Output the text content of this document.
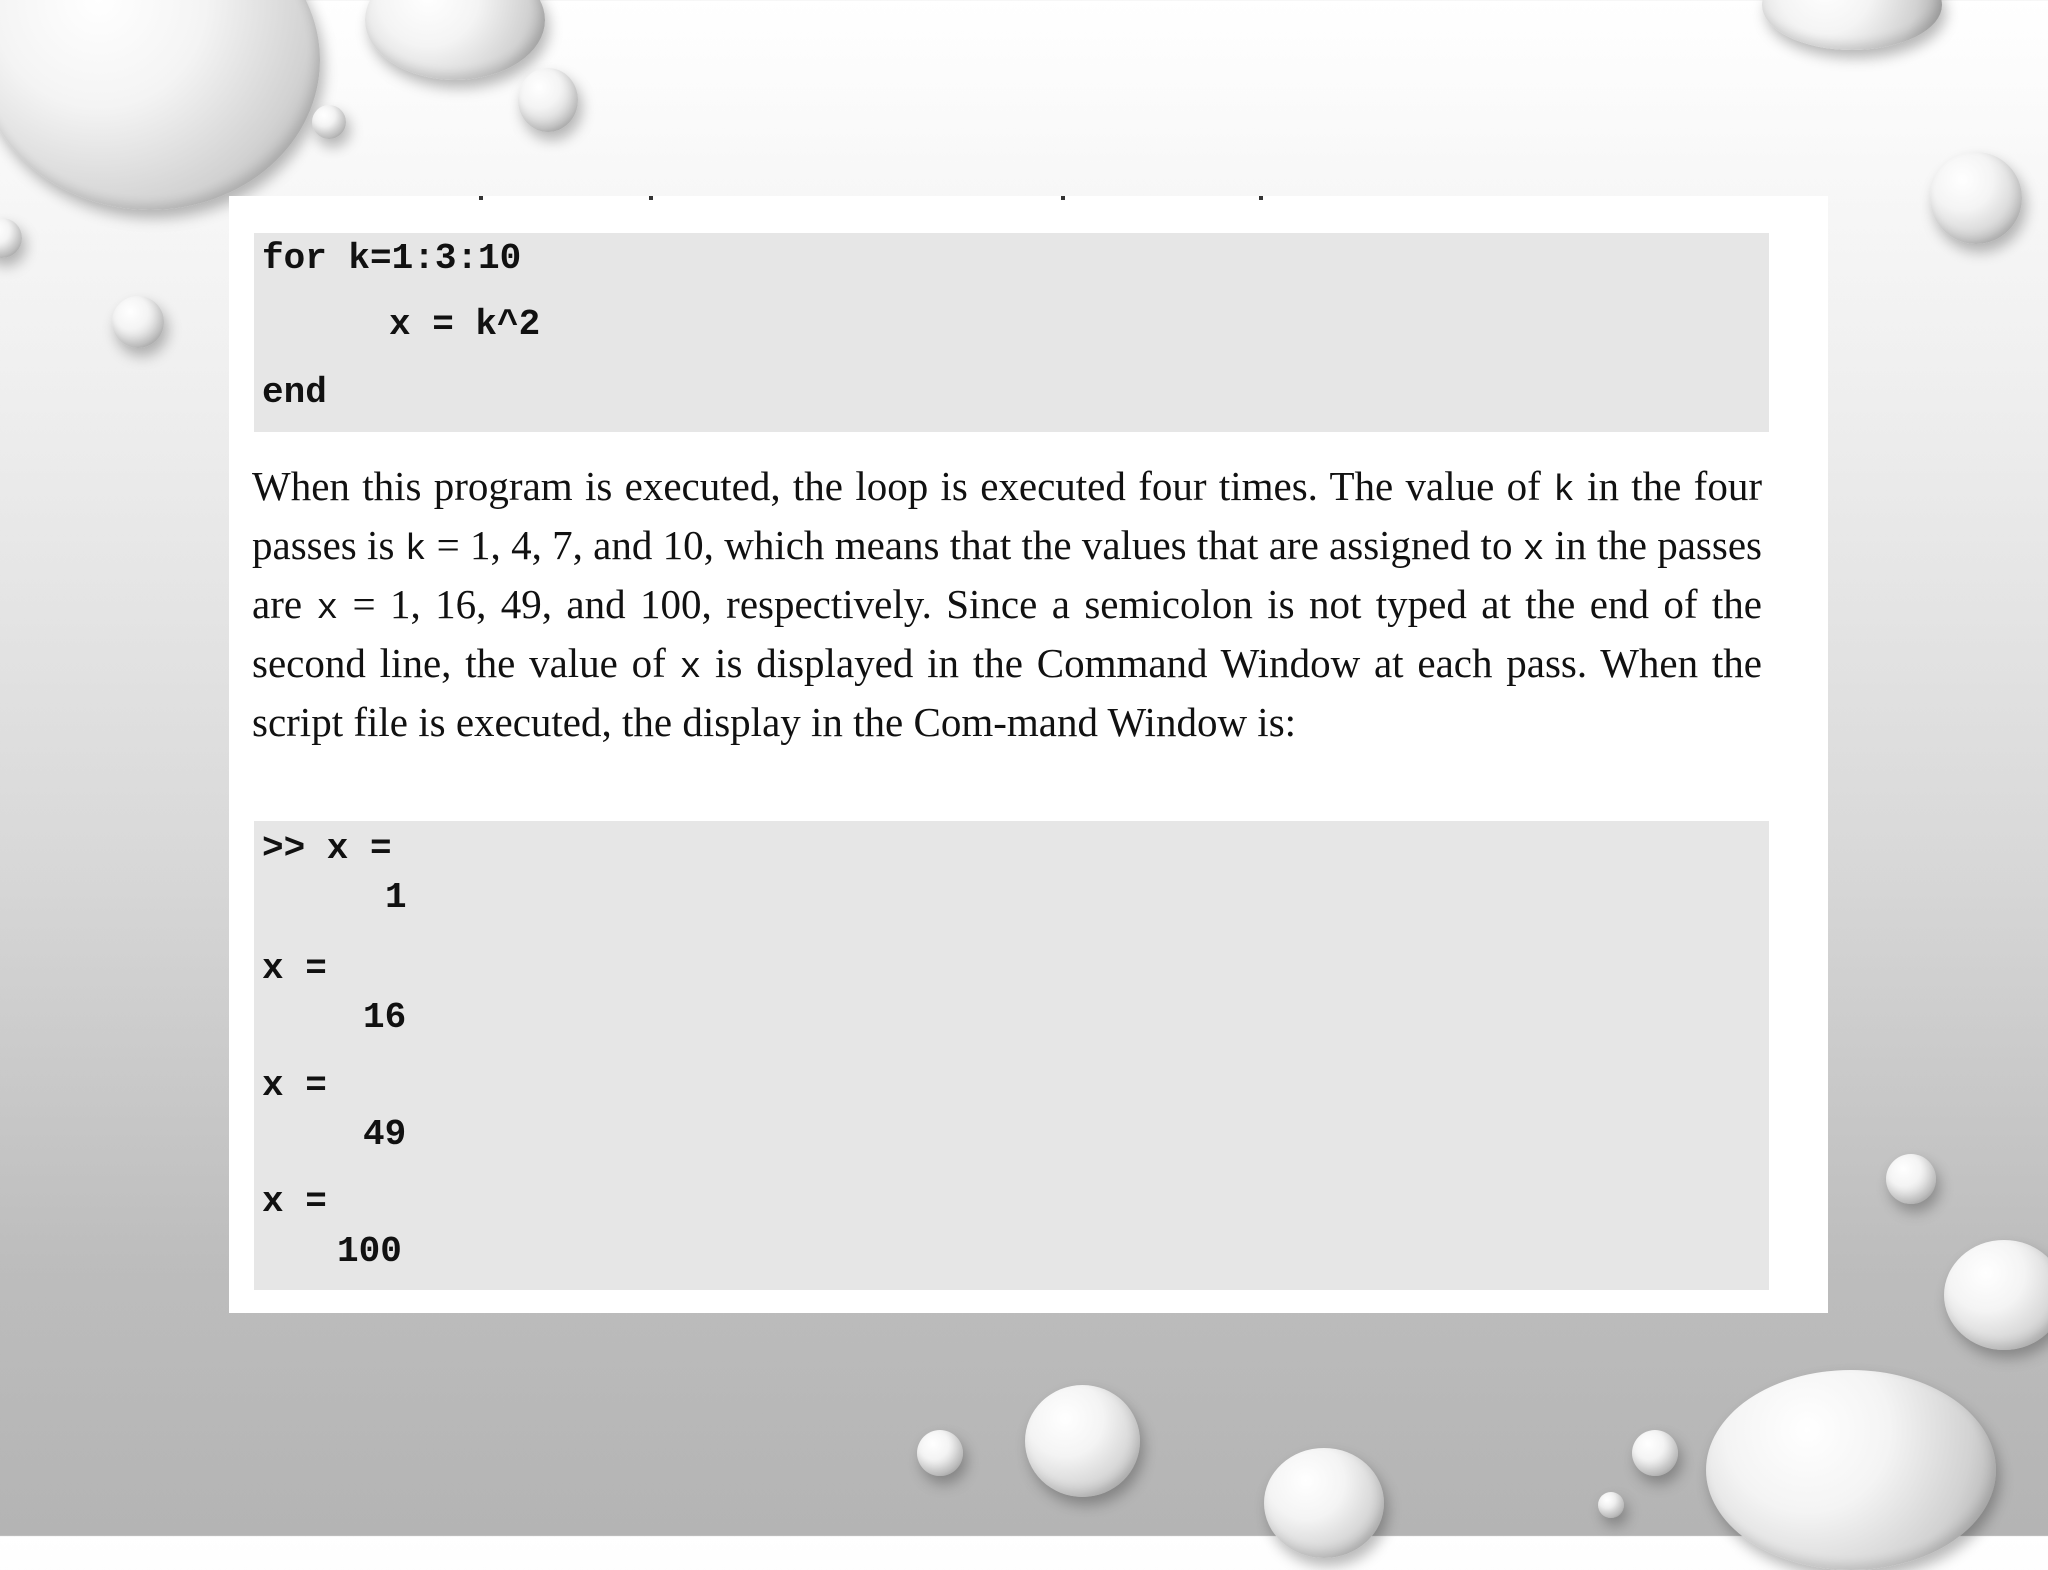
for k=1:3:10

x = k^2

end

When this program is executed, the loop is executed four times. The value of k in the four passes is k = 1, 4, 7, and 10, which means that the values that are assigned to x in the passes are x = 1, 16, 49, and 100, respectively. Since a semicolon is not typed at the end of the second line, the value of x is displayed in the Command Window at each pass. When the script file is executed, the display in the Com-mand Window is:

>> x =

1

x =

16

x =

49

x =

100
